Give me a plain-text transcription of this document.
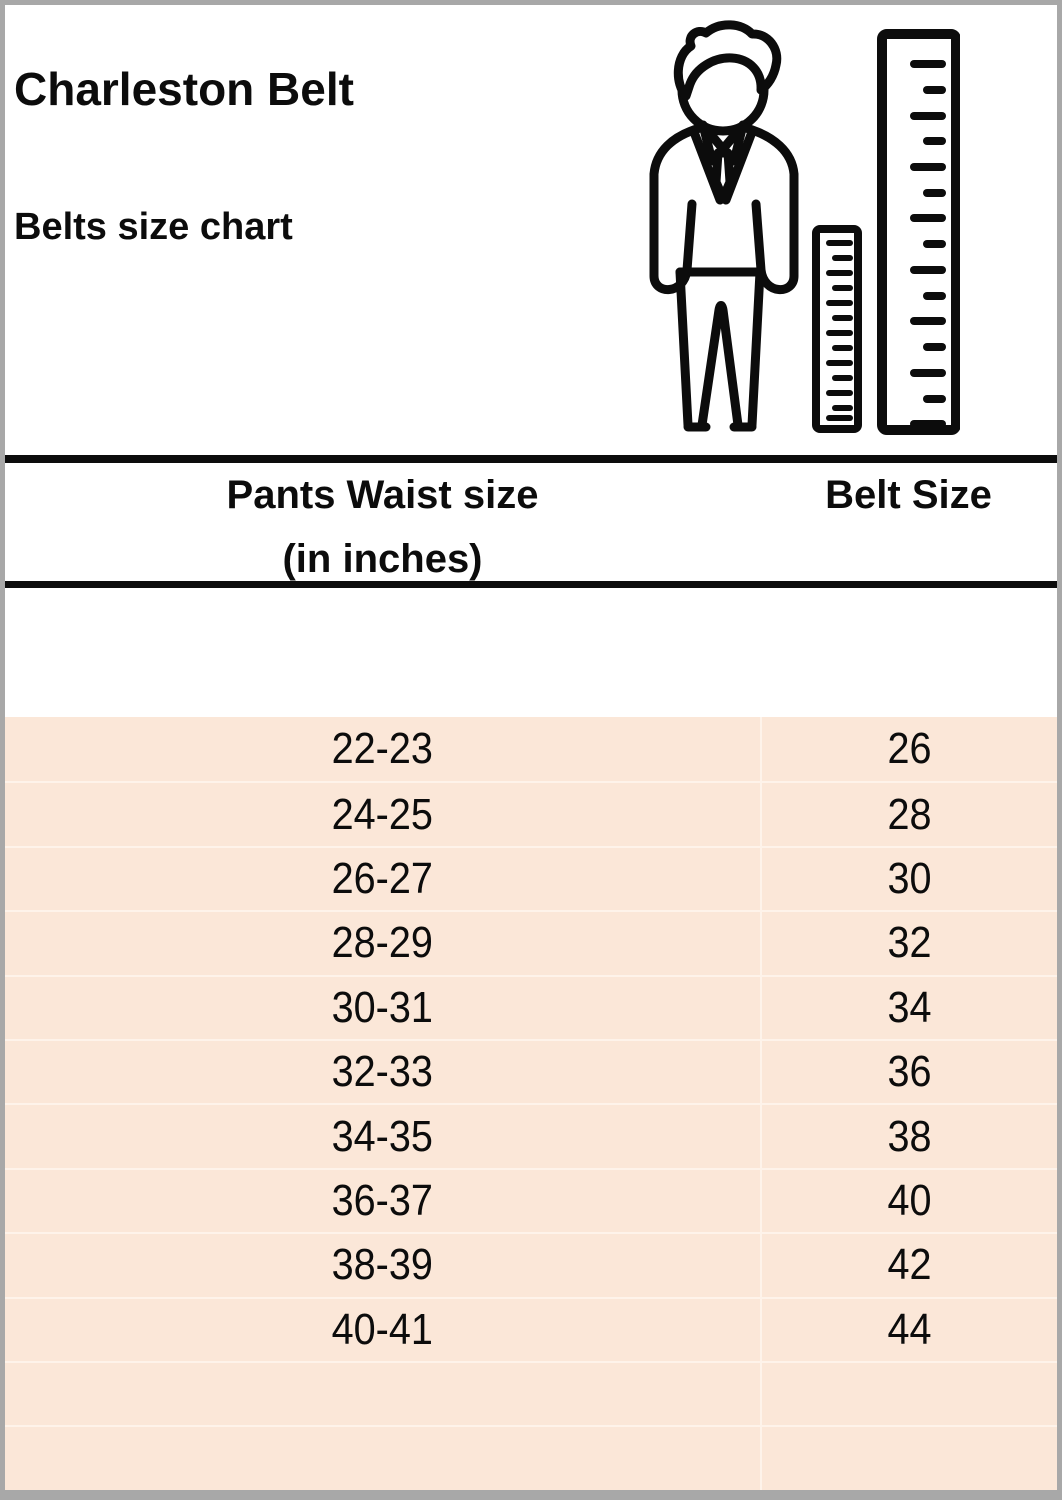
Charleston Belt
Belts size chart
Pants Waist size
(in inches)
Belt Size
22-23	26
24-25	28
26-27	30
28-29	32
30-31	34
32-33	36
34-35	38
36-37	40
38-39	42
40-41	44
